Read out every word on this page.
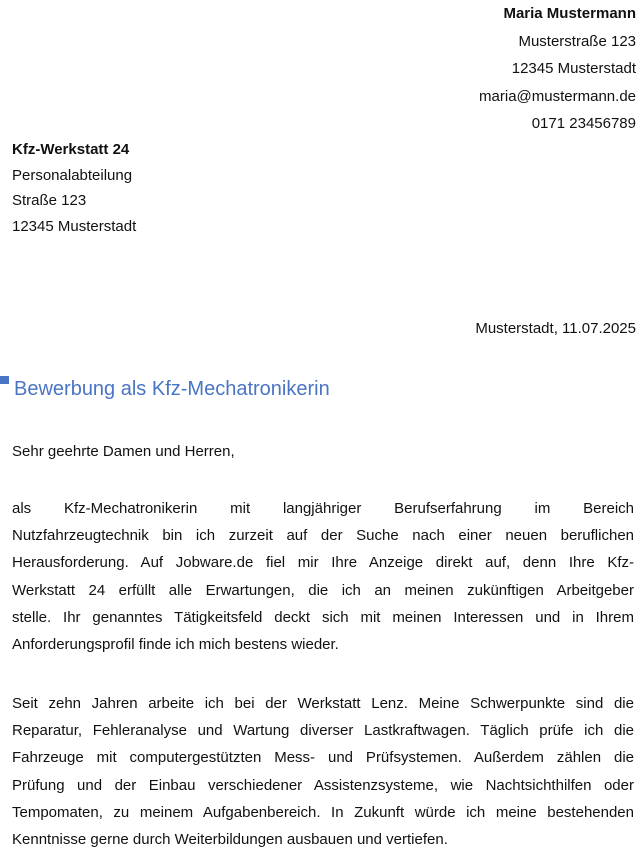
Maria Mustermann
Musterstraße 123
12345 Musterstadt
maria@mustermann.de
0171 23456789
Kfz-Werkstatt 24
Personalabteilung
Straße 123
12345 Musterstadt
Musterstadt, 11.07.2025
Bewerbung als Kfz-Mechatronikerin
Sehr geehrte Damen und Herren,
als Kfz-Mechatronikerin mit langjähriger Berufserfahrung im Bereich
Nutzfahrzeugtechnik bin ich zurzeit auf der Suche nach einer neuen beruflichen
Herausforderung. Auf Jobware.de fiel mir Ihre Anzeige direkt auf, denn Ihre Kfz-
Werkstatt 24 erfüllt alle Erwartungen, die ich an meinen zukünftigen Arbeitgeber
stelle. Ihr genanntes Tätigkeitsfeld deckt sich mit meinen Interessen und in Ihrem
Anforderungsprofil finde ich mich bestens wieder.
Seit zehn Jahren arbeite ich bei der Werkstatt Lenz. Meine Schwerpunkte sind die
Reparatur, Fehleranalyse und Wartung diverser Lastkraftwagen. Täglich prüfe ich die
Fahrzeuge mit computergestützten Mess- und Prüfsystemen. Außerdem zählen die
Prüfung und der Einbau verschiedener Assistenzsysteme, wie Nachtsichthilfen oder
Tempomaten, zu meinem Aufgabenbereich. In Zukunft würde ich meine bestehenden
Kenntnisse gerne durch Weiterbildungen ausbauen und vertiefen.
